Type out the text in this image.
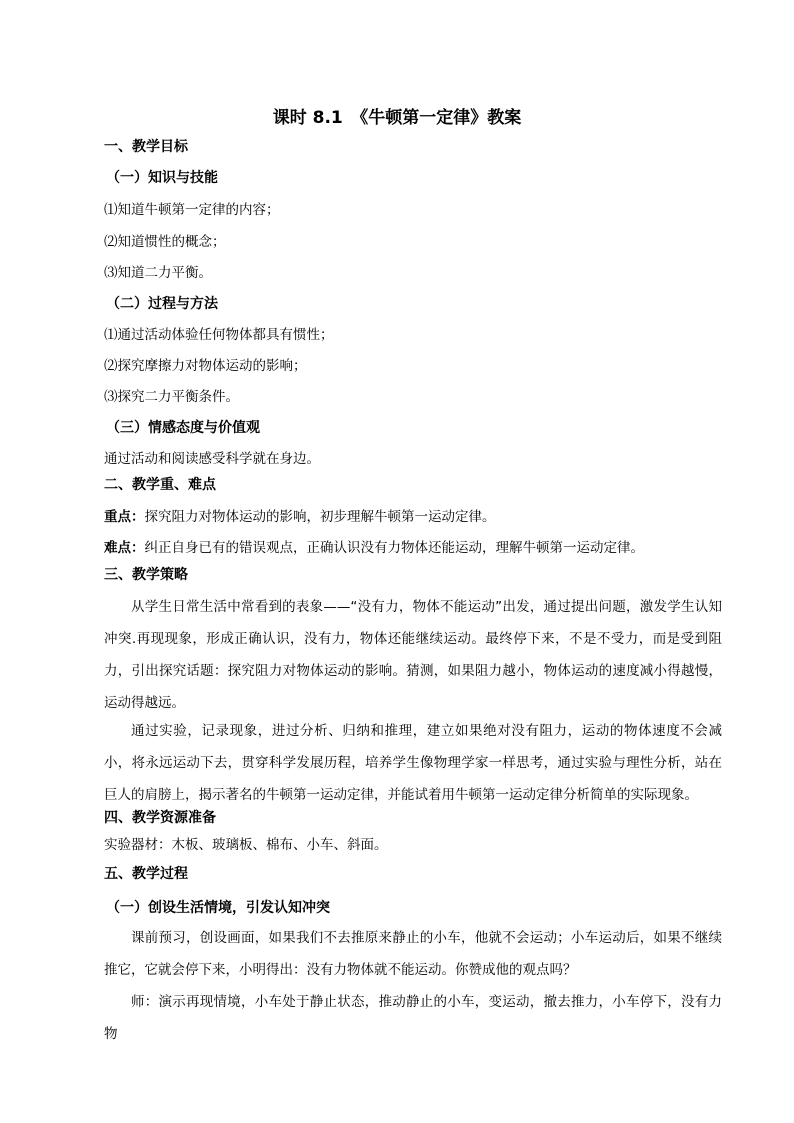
课时 8.1　《牛顿第一定律》教案
一、教学目标
（一）知识与技能
⑴知道牛顿第一定律的内容；
⑵知道惯性的概念；
⑶知道二力平衡。
（二）过程与方法
⑴通过活动体验任何物体都具有惯性；
⑵探究摩擦力对物体运动的影响；
⑶探究二力平衡条件。
（三）情感态度与价值观
通过活动和阅读感受科学就在身边。
二、教学重、难点
重点：探究阻力对物体运动的影响，初步理解牛顿第一运动定律。
难点：纠正自身已有的错误观点，正确认识没有力物体还能运动，理解牛顿第一运动定律。
三、教学策略
从学生日常生活中常看到的表象——“没有力，物体不能运动”出发，通过提出问题，激发学生认知冲突.再现现象，形成正确认识，没有力，物体还能继续运动。最终停下来，不是不受力，而是受到阻力，引出探究话题：探究阻力对物体运动的影响。猜测，如果阻力越小，物体运动的速度减小得越慢，运动得越远。
通过实验，记录现象，进过分析、归纳和推理，建立如果绝对没有阻力，运动的物体速度不会减小，将永远运动下去，贯穿科学发展历程，培养学生像物理学家一样思考，通过实验与理性分析，站在巨人的肩膀上，揭示著名的牛顿第一运动定律，并能试着用牛顿第一运动定律分析简单的实际现象。
四、教学资源准备
实验器材：木板、玻璃板、棉布、小车、斜面。
五、教学过程
（一）创设生活情境，引发认知冲突
课前预习，创设画面，如果我们不去推原来静止的小车，他就不会运动；小车运动后，如果不继续推它，它就会停下来，小明得出：没有力物体就不能运动。你赞成他的观点吗？
师：演示再现情境，小车处于静止状态，推动静止的小车，变运动，撤去推力，小车停下，没有力物
